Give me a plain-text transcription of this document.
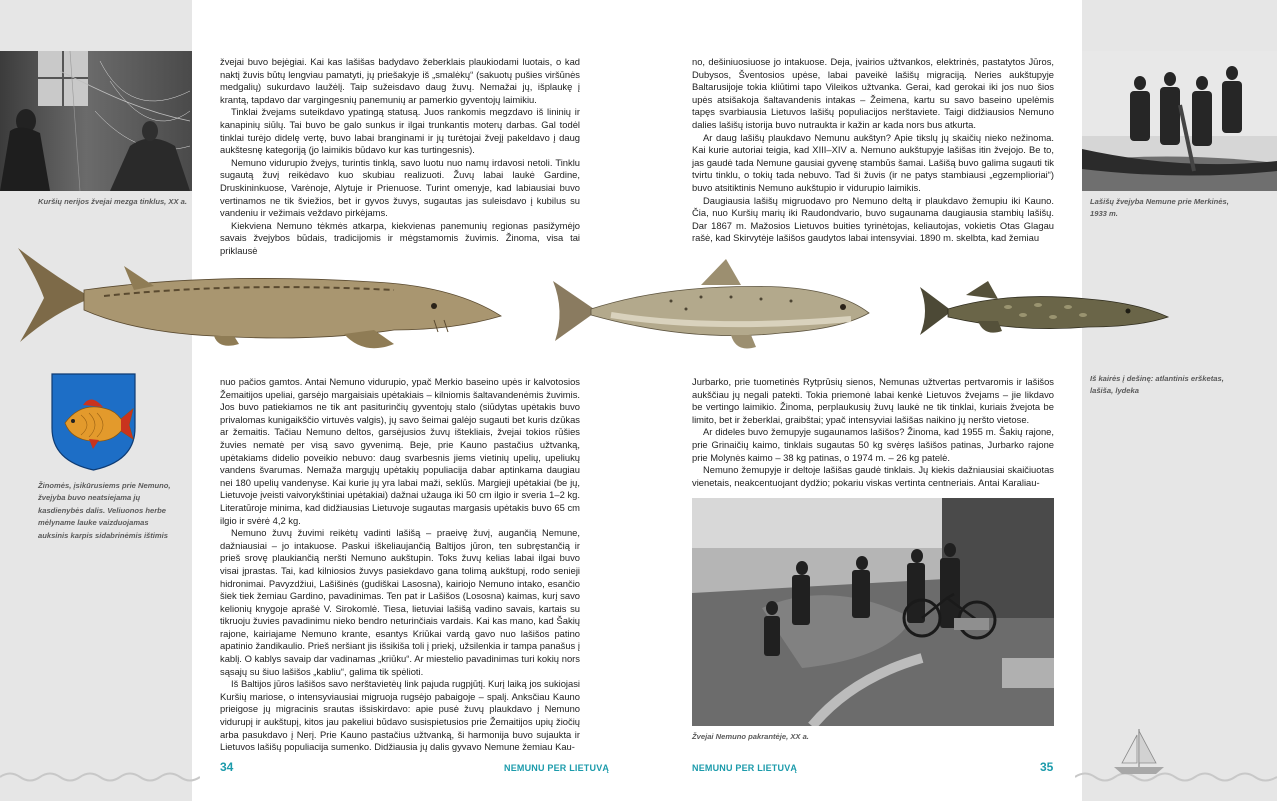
Kuršių nerijos žvejai mezga tinklus, XX a.
Žinomės, įsikūrusiems prie Nemuno, žvejyba buvo neatsiejama jų kasdienybės dalis. Veliuonos herbe mėlyname lauke vaizduojamas auksinis karpis sidabrinėmis ištimis

žvejai buvo bejėgiai. Kai kas lašišas badydavo žeberklais plaukiodami luotais, o kad naktį žuvis būtų lengviau pamatyti, jų priešakyje iš „smalėkų“ (sakuotų pušies viršūnės medgalių) sukurdavo laužėlį. Taip sužeisdavo daug žuvų. Nemažai jų, išplaukę į krantą, tapdavo dar vargingesnių panemunių ar pamerkio gyventojų laimikiu.

Tinklai žvejams suteikdavo ypatingą statusą. Juos rankomis megzdavo iš lininių ir kanapinių siūlų. Tai buvo be galo sunkus ir ilgai trunkantis moterų darbas. Gal todėl tinklai turėjo didelę vertę, buvo labai branginami ir jų turėtojai žvejį pakeldavo į daug aukštesnę kategoriją (jo laimikis būdavo kur kas turtingesnis).

Nemuno vidurupio žvejys, turintis tinklą, savo luotu nuo namų irdavosi netoli. Tinklu sugautą žuvį reikėdavo kuo skubiau realizuoti. Žuvų labai laukė Gardine, Druskininkuose, Varėnoje, Alytuje ir Prienuose. Turint omenyje, kad labiausiai buvo vertinamos ne tik šviežios, bet ir gyvos žuvys, sugautas jas suleisdavo į kubilus su vandeniu ir vežimais veždavo pirkėjams.

Kiekviena Nemuno tėkmės atkarpa, kiekvienas panemunių regionas pasižymėjo savais žvejybos būdais, tradicijomis ir mėgstamomis žuvimis. Žinoma, visa tai priklausė

nuo pačios gamtos. Antai Nemuno vidurupio, ypač Merkio baseino upės ir kalvotosios Žemaitijos upeliai, garsėjo margaisiais upėtakiais – kilniomis šaltavandenėmis žuvimis. Jos buvo patiekiamos ne tik ant pasiturinčių gyventojų stalo (siūdytas upėtakis buvo privalomas kunigaikščio virtuvės valgis), jų savo šeimai galėjo sugauti bet kuris dzūkas ar žemaitis. Tačiau Nemuno deltos, garsėjusios žuvų ištekliais, žvejai tokios rūšies žuvies nematė per visą savo gyvenimą. Beje, prie Kauno pastačius užtvanką, upėtakiams didelio poveikio nebuvo: daug svarbesnis jiems vietinių upelių, upeliukų vandens švarumas. Nemaža margųjų upėtakių populiacija dabar aptinkama daugiau nei 180 upelių vandenyse. Kai kurie jų yra labai maži, seklūs. Margieji upėtakiai (be jų, Lietuvoje įveisti vaivorykštiniai upėtakiai) dažnai užauga iki 50 cm ilgio ir sveria 1–2 kg. Literatūroje minima, kad didžiausias Lietuvoje sugautas margasis upėtakis buvo 65 cm ilgio ir svėrė 4,2 kg.

Nemuno žuvų žuvimi reikėtų vadinti lašišą – praeivę žuvį, augančią Nemune, dažniausiai – jo intakuose. Paskui iškeliaujančią Baltijos jūron, ten subręstančią ir prieš srovę plaukiančią neršti Nemuno aukštupin. Toks žuvų kelias labai ilgai buvo visai įprastas. Tai, kad kilniosios žuvys pasiekdavo gana tolimą aukštupį, rodo senieji hidronimai. Pavyzdžiui, Lašišinės (gudiškai Lasosna), kairiojo Nemuno intako, esančio šiek tiek žemiau Gardino, pavadinimas. Ten pat ir Lašišos (Lososna) kaimas, kurį savo kelionių knygoje aprašė V. Sirokomlė. Tiesa, lietuviai lašišą vadino savais, kartais su tikruoju žuvies pavadinimu nieko bendro neturinčiais vardais. Kai kas mano, kad Šakių rajone, kairiajame Nemuno krante, esantys Kriūkai vardą gavo nuo lašišos patino apatinio žandikaulio. Prieš neršiant jis išsikiša toli į priekį, užsilenkia ir tampa panašus į kablį. O kablys savaip dar vadinamas „kriūku“. Ar miestelio pavadinimas turi kokių nors sąsajų su šiuo lašišos „kabliu“, galima tik spėlioti.

Iš Baltijos jūros lašišos savo nerštavietėų link pajuda rugpjūtį. Kurį laiką jos sukiojasi Kuršių mariose, o intensyviausiai migruoja rugsėjo pabaigoje – spalį. Anksčiau Kauno prieigose jų migracinis srautas išsiskirdavo: apie pusė žuvų plaukdavo į Nemuno vidurupį ir aukštupį, kitos jau pakeliui būdavo susispietusios prie Žemaitijos upių žiočių arba pasukdavo į Nerį. Prie Kauno pastačius užtvanką, ši harmonija buvo sujaukta ir Lietuvos lašišų populiacija sumenko. Didžiausia jų dalis gyvavo Nemune žemiau Kau-

Lašišų žvejyba Nemune prie Merkinės, 1933 m.

no, dešiniuosiuose jo intakuose. Deja, įvairios užtvankos, elektrinės, pastatytos Jūros, Dubysos, Šventosios upėse, labai paveikė lašišų migraciją. Neries aukštupyje Baltarusijoje tokia kliūtimi tapo Vileikos užtvanka. Gerai, kad gerokai iki jos nuo šios upės atsišakoja šaltavandenis intakas – Žeimena, kartu su savo baseino upelėmis tapęs svarbiausia Lietuvos lašišų populiacijos nerštaviete. Taigi didžiausios Nemuno dalies lašišų istorija buvo nutraukta ir kažin ar kada nors bus atkurta.

Ar daug lašišų plaukdavo Nemunu aukštyn? Apie tikslų jų skaičių nieko nežinoma. Kai kurie autoriai teigia, kad XIII–XIV a. Nemuno aukštupyje lašišas itin žvejojo. Be to, jas gaudė tada Nemune gausiai gyvenę stambūs šamai. Lašišą buvo galima sugauti tik tvirtu tinklu, o tokių tada nebuvo. Tad ši žuvis (ir ne patys stambiausi „egzemplioriai“) buvo atsitiktinis Nemuno aukštupio ir vidurupio laimikis.

Daugiausia lašišų migruodavo pro Nemuno deltą ir plaukdavo žemupiu iki Kauno. Čia, nuo Kuršių marių iki Raudondvario, buvo sugaunama daugiausia stambių lašišų. Dar 1867 m. Mažosios Lietuvos buities tyrinėtojas, keliautojas, vokietis Otas Glagau rašė, kad Skirvytėje lašišos gaudytos labai intensyviai. 1890 m. skelbta, kad žemiau

Jurbarko, prie tuometinės Rytprūsių sienos, Nemunas užtvertas pertvaromis ir lašišos aukščiau jų negali patekti. Tokia priemonė labai kenkė Lietuvos žvejams – jie likdavo be vertingo laimikio. Žinoma, perplaukusių žuvų laukė ne tik tinklai, kuriais žvejota be limito, bet ir žeberklai, graibštai; ypač intensyviai lašišas naikino jų neršto vietose.

Ar dideles buvo žemupyje sugaunamos lašišos? Žinoma, kad 1955 m. Šakių rajone, prie Grinaičių kaimo, tinklais sugautas 50 kg svėręs lašišos patinas, Jurbarko rajone prie Molynės kaimo – 38 kg patinas, o 1974 m. – 26 kg patelė.

Nemuno žemupyje ir deltoje lašišas gaudė tinklais. Jų kiekis dažniausiai skaičiuotas vienetais, neakcentuojant dydžio; pokariu viskas vertinta centneriais. Antai Karaliau-

Iš kairės į dešinę: atlantinis eršketas, lašiša, lydeka
Žvejai Nemuno pakrantėje, XX a.
34	NEMUNU PER LIETUVĄ	NEMUNU PER LIETUVĄ	35
